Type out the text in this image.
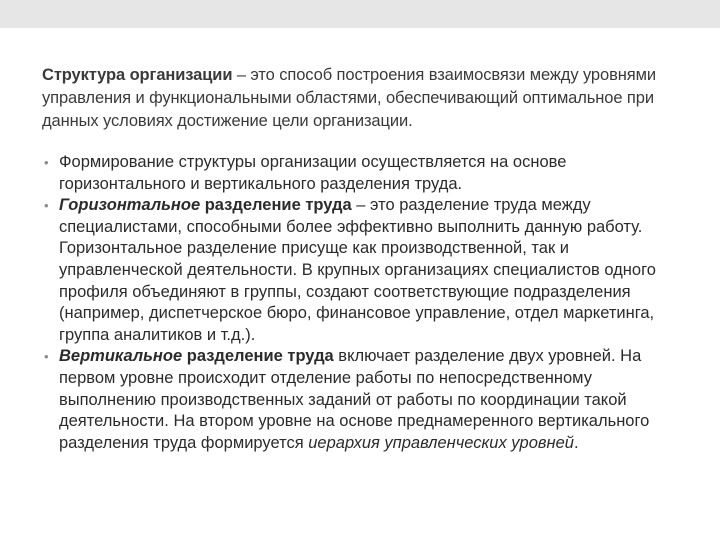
Структура организации – это способ построения взаимосвязи между уровнями управления и функциональными областями, обеспечивающий оптимальное при данных условиях достижение цели организации.
• Формирование структуры организации осуществляется на основе горизонтального и вертикального разделения труда.
• Горизонтальное разделение труда – это разделение труда между специалистами, способными более эффективно выполнить данную работу. Горизонтальное разделение присуще как производственной, так и управленческой деятельности. В крупных организациях специалистов одного профиля объединяют в группы, создают соответствующие подразделения (например, диспетчерское бюро, финансовое управление, отдел маркетинга, группа аналитиков и т.д.).
• Вертикальное разделение труда включает разделение двух уровней. На первом уровне происходит отделение работы по непосредственному выполнению производственных заданий от работы по координации такой деятельности. На втором уровне на основе преднамеренного вертикального разделения труда формируется иерархия управленческих уровней.
